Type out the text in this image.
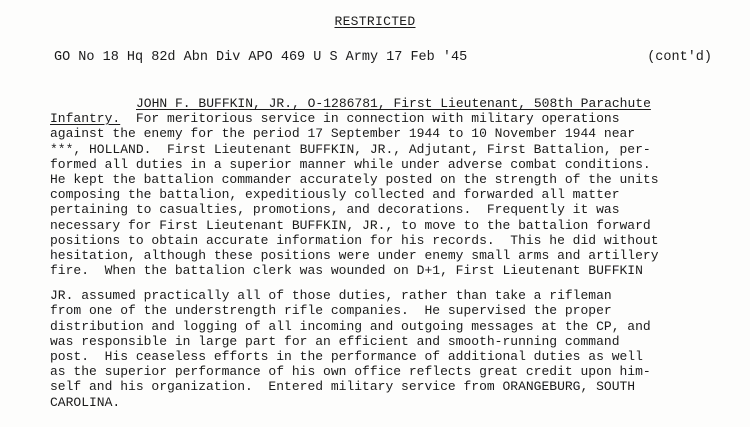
RESTRICTED
GO No 18 Hq 82d Abn Div APO 469 U S Army 17 Feb '45	(cont'd)
JOHN F. BUFFKIN, JR., O-1286781, First Lieutenant, 508th Parachute
Infantry.  For meritorious service in connection with military operations
against the enemy for the period 17 September 1944 to 10 November 1944 near
***, HOLLAND.  First Lieutenant BUFFKIN, JR., Adjutant, First Battalion, per-
formed all duties in a superior manner while under adverse combat conditions.
He kept the battalion commander accurately posted on the strength of the units
composing the battalion, expeditiously collected and forwarded all matter
pertaining to casualties, promotions, and decorations.  Frequently it was
necessary for First Lieutenant BUFFKIN, JR., to move to the battalion forward
positions to obtain accurate information for his records.  This he did without
hesitation, although these positions were under enemy small arms and artillery
fire.  When the battalion clerk was wounded on D+1, First Lieutenant BUFFKIN
JR. assumed practically all of those duties, rather than take a rifleman
from one of the understrength rifle companies.  He supervised the proper
distribution and logging of all incoming and outgoing messages at the CP, and
was responsible in large part for an efficient and smooth-running command
post.  His ceaseless efforts in the performance of additional duties as well
as the superior performance of his own office reflects great credit upon him-
self and his organization.  Entered military service from ORANGEBURG, SOUTH
CAROLINA.
